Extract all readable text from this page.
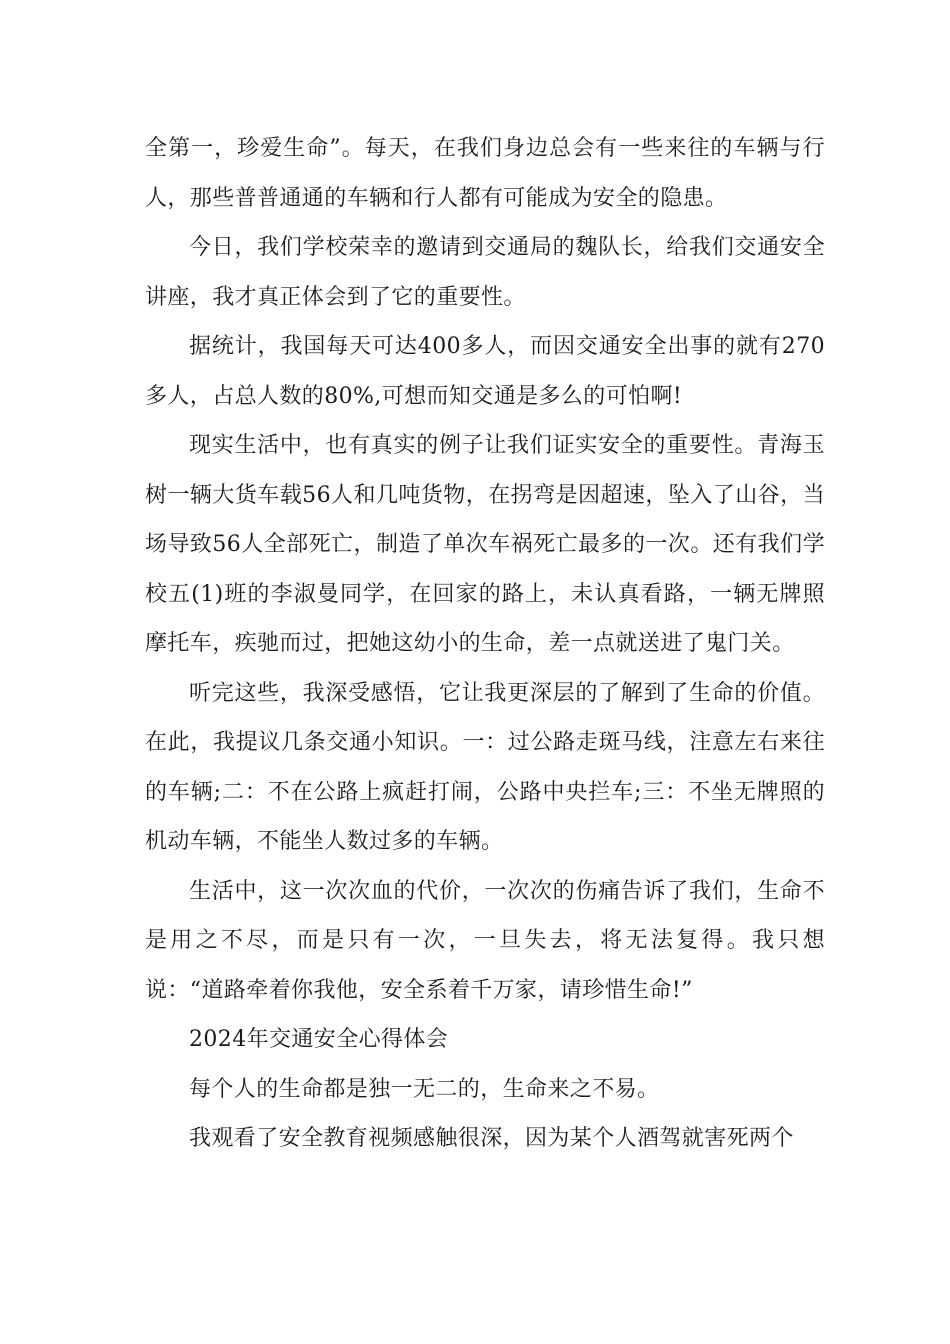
全第一，珍爱生命”。每天，在我们身边总会有一些来往的车辆与行人，那些普普通通的车辆和行人都有可能成为安全的隐患。

今日，我们学校荣幸的邀请到交通局的魏队长，给我们交通安全讲座，我才真正体会到了它的重要性。

据统计，我国每天可达400多人，而因交通安全出事的就有270多人，占总人数的80%,可想而知交通是多么的可怕啊!

现实生活中，也有真实的例子让我们证实安全的重要性。青海玉树一辆大货车载56人和几吨货物，在拐弯是因超速，坠入了山谷，当场导致56人全部死亡，制造了单次车祸死亡最多的一次。还有我们学校五(1)班的李淑曼同学，在回家的路上，未认真看路，一辆无牌照摩托车，疾驰而过，把她这幼小的生命，差一点就送进了鬼门关。

听完这些，我深受感悟，它让我更深层的了解到了生命的价值。在此，我提议几条交通小知识。一：过公路走斑马线，注意左右来往的车辆;二：不在公路上疯赶打闹，公路中央拦车;三：不坐无牌照的机动车辆，不能坐人数过多的车辆。

生活中，这一次次血的代价，一次次的伤痛告诉了我们，生命不是用之不尽，而是只有一次，一旦失去，将无法复得。我只想说：“道路牵着你我他，安全系着千万家，请珍惜生命!”

2024年交通安全心得体会

每个人的生命都是独一无二的，生命来之不易。

我观看了安全教育视频感触很深，因为某个人酒驾就害死两个
